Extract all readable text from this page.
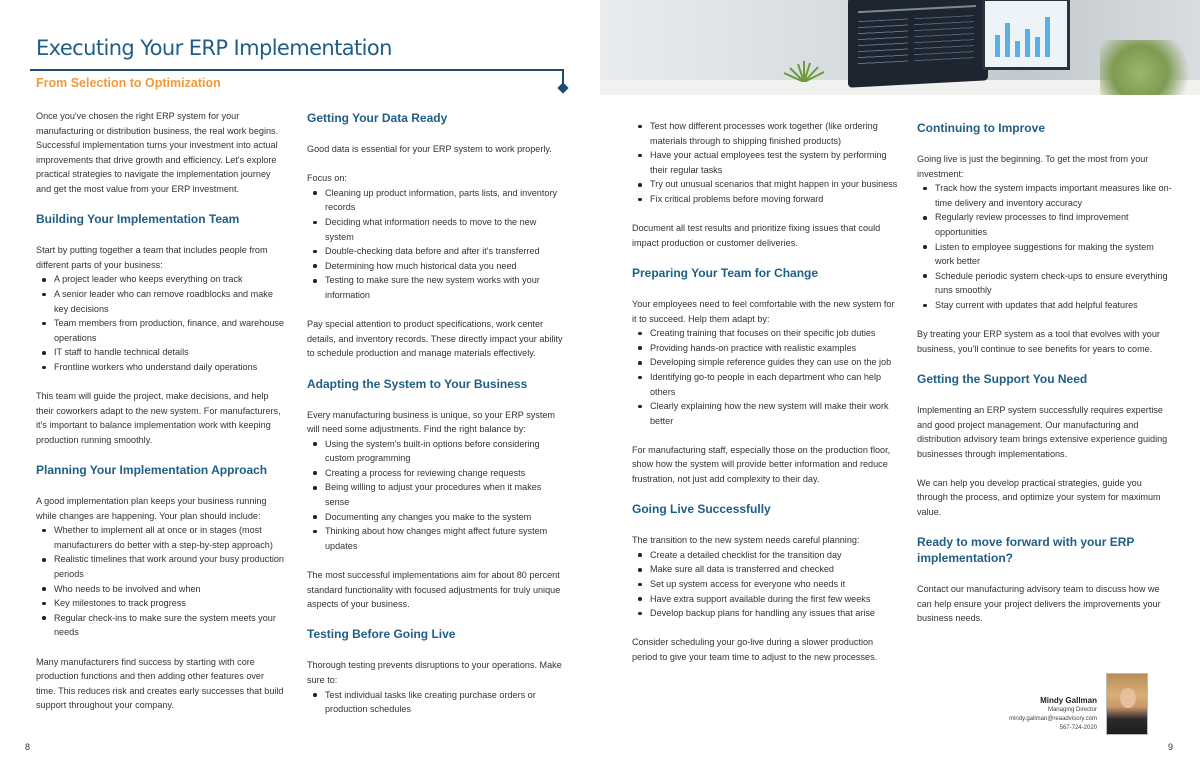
Executing Your ERP Implementation
From Selection to Optimization

Once you've chosen the right ERP system for your manufacturing or distribution business, the real work begins. Successful implementation turns your investment into actual improvements that drive growth and efficiency. Let's explore practical strategies to navigate the implementation journey and get the most value from your ERP investment.

Building Your Implementation Team

Start by putting together a team that includes people from different parts of your business:

A project leader who keeps everything on track
A senior leader who can remove roadblocks and make key decisions
Team members from production, finance, and warehouse operations
IT staff to handle technical details
Frontline workers who understand daily operations

This team will guide the project, make decisions, and help their coworkers adapt to the new system. For manufacturers, it's important to balance implementation work with keeping production running smoothly.

Planning Your Implementation Approach

A good implementation plan keeps your business running while changes are happening. Your plan should include:

Whether to implement all at once or in stages (most manufacturers do better with a step-by-step approach)
Realistic timelines that work around your busy production periods
Who needs to be involved and when
Key milestones to track progress
Regular check-ins to make sure the system meets your needs

Many manufacturers find success by starting with core production functions and then adding other features over time. This reduces risk and creates early successes that build support throughout your company.

Getting Your Data Ready

Good data is essential for your ERP system to work properly.

Focus on:

Cleaning up product information, parts lists, and inventory records
Deciding what information needs to move to the new system
Double-checking data before and after it's transferred
Determining how much historical data you need
Testing to make sure the new system works with your information

Pay special attention to product specifications, work center details, and inventory records. These directly impact your ability to schedule production and manage materials effectively.

Adapting the System to Your Business

Every manufacturing business is unique, so your ERP system will need some adjustments. Find the right balance by:

Using the system's built-in options before considering custom programming
Creating a process for reviewing change requests
Being willing to adjust your procedures when it makes sense
Documenting any changes you make to the system
Thinking about how changes might affect future system updates

The most successful implementations aim for about 80 percent standard functionality with focused adjustments for truly unique aspects of your business.

Testing Before Going Live

Thorough testing prevents disruptions to your operations. Make sure to:

Test individual tasks like creating purchase orders or production schedules
8
Test how different processes work together (like ordering materials through to shipping finished products)
Have your actual employees test the system by performing their regular tasks
Try out unusual scenarios that might happen in your business
Fix critical problems before moving forward

Document all test results and prioritize fixing issues that could impact production or customer deliveries.

Preparing Your Team for Change

Your employees need to feel comfortable with the new system for it to succeed. Help them adapt by:

Creating training that focuses on their specific job duties
Providing hands-on practice with realistic examples
Developing simple reference guides they can use on the job
Identifying go-to people in each department who can help others
Clearly explaining how the new system will make their work better

For manufacturing staff, especially those on the production floor, show how the system will provide better information and reduce frustration, not just add complexity to their day.

Going Live Successfully

The transition to the new system needs careful planning:

Create a detailed checklist for the transition day
Make sure all data is transferred and checked
Set up system access for everyone who needs it
Have extra support available during the first few weeks
Develop backup plans for handling any issues that arise

Consider scheduling your go-live during a slower production period to give your team time to adjust to the new processes.

Continuing to Improve

Going live is just the beginning. To get the most from your investment:

Track how the system impacts important measures like on-time delivery and inventory accuracy
Regularly review processes to find improvement opportunities
Listen to employee suggestions for making the system work better
Schedule periodic system check-ups to ensure everything runs smoothly
Stay current with updates that add helpful features

By treating your ERP system as a tool that evolves with your business, you'll continue to see benefits for years to come.

Getting the Support You Need

Implementing an ERP system successfully requires expertise and good project management. Our manufacturing and distribution advisory team brings extensive experience guiding businesses through implementations.

We can help you develop practical strategies, guide you through the process, and optimize your system for maximum value.

Ready to move forward with your ERP implementation?

Contact our manufacturing advisory team to discuss how we can help ensure your project delivers the improvements your business needs.

Mindy Gallman
Managing Director
mindy.gallman@reaadvisory.com
567-724-2020
9
